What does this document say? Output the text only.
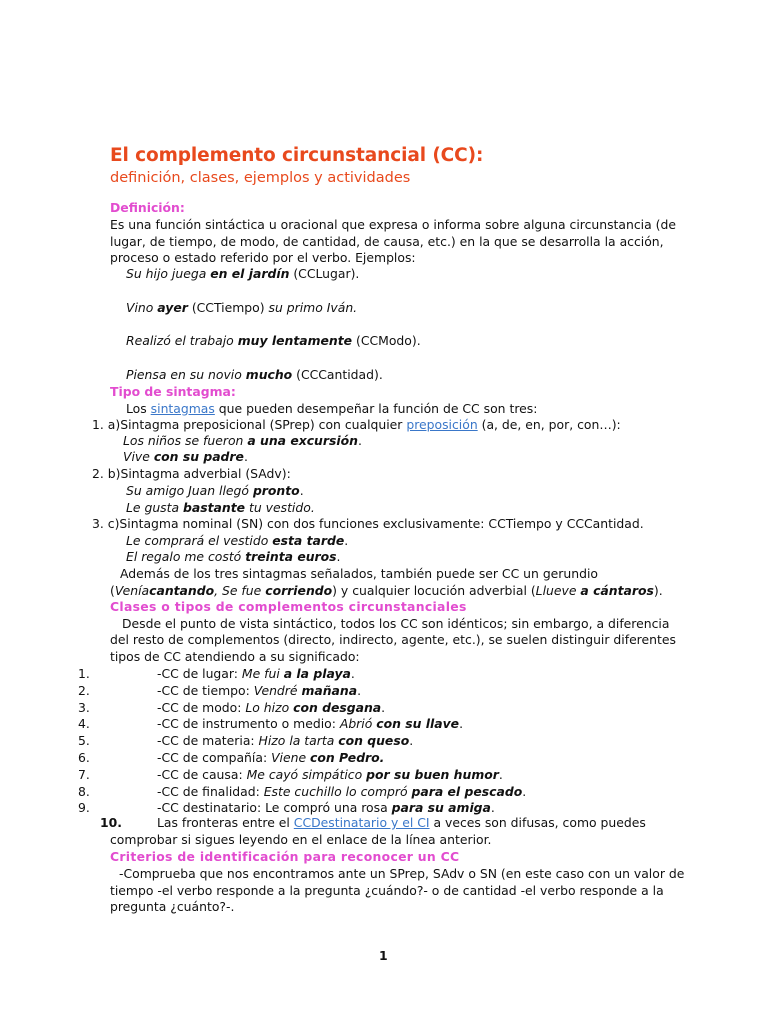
El complemento circunstancial (CC):
definición, clases, ejemplos y actividades
Definición:
Es una función sintáctica u oracional que expresa o informa sobre alguna circunstancia (de
lugar, de tiempo, de modo, de cantidad, de causa, etc.) en la que se desarrolla la acción,
proceso o estado referido por el verbo. Ejemplos:
Su hijo juega en el jardín (CCLugar).
Vino ayer (CCTiempo) su primo Iván.
Realizó el trabajo muy lentamente (CCModo).
Piensa en su novio mucho (CCCantidad).
Tipo de sintagma:
Los sintagmas que pueden desempeñar la función de CC son tres:
1. a)Sintagma preposicional (SPrep) con cualquier preposición (a, de, en, por, con…):
Los niños se fueron a una excursión.
Vive con su padre.
2. b)Sintagma adverbial (SAdv):
Su amigo Juan llegó pronto.
Le gusta bastante tu vestido.
3. c)Sintagma nominal (SN) con dos funciones exclusivamente: CCTiempo y CCCantidad.
Le comprará el vestido esta tarde.
El regalo me costó treinta euros.
Además de los tres sintagmas señalados, también puede ser CC un gerundio
(Veníacantando, Se fue corriendo) y cualquier locución adverbial (Llueve a cántaros).
Clases o tipos de complementos circunstanciales
Desde el punto de vista sintáctico, todos los CC son idénticos; sin embargo, a diferencia
del resto de complementos (directo, indirecto, agente, etc.), se suelen distinguir diferentes
tipos de CC atendiendo a su significado:
1.	-CC de lugar: Me fui a la playa.
2.	-CC de tiempo: Vendré mañana.
3.	-CC de modo: Lo hizo con desgana.
4.	-CC de instrumento o medio: Abrió con su llave.
5.	-CC de materia: Hizo la tarta con queso.
6.	-CC de compañía: Viene con Pedro.
7.	-CC de causa: Me cayó simpático por su buen humor.
8.	-CC de finalidad: Este cuchillo lo compró para el pescado.
9.	-CC destinatario: Le compró una rosa para su amiga.
10.	Las fronteras entre el CCDestinatario y el CI a veces son difusas, como puedes
comprobar si sigues leyendo en el enlace de la línea anterior.
Criterios de identificación para reconocer un CC
-Comprueba que nos encontramos ante un SPrep, SAdv o SN (en este caso con un valor de
tiempo -el verbo responde a la pregunta ¿cuándo?- o de cantidad -el verbo responde a la
pregunta ¿cuánto?-.
1
